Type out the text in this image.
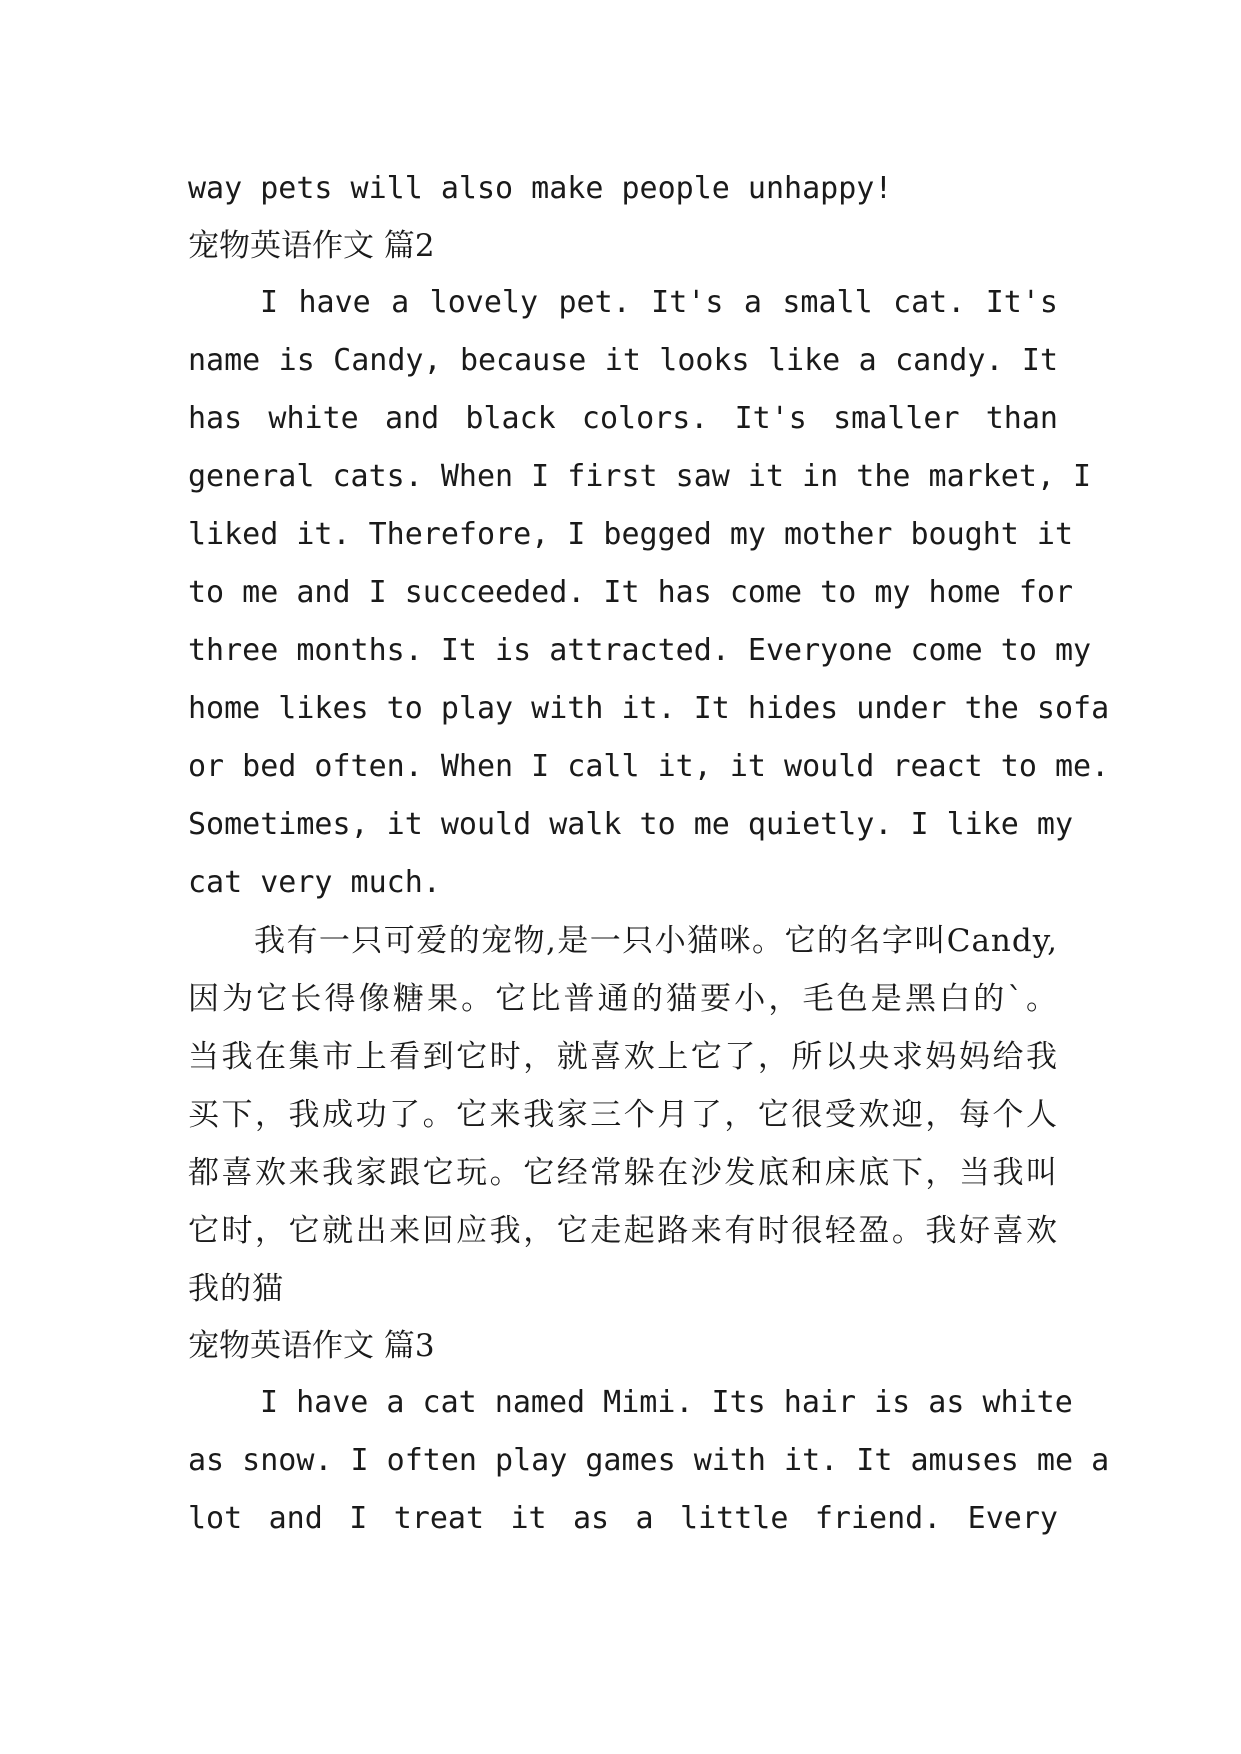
way pets will also make people unhappy!
宠物英语作文 篇2
I have a lovely pet. It's a small cat. It's
name is Candy, because it looks like a candy. It
has white and black colors. It's smaller than
general cats. When I first saw it in the market, I
liked it. Therefore, I begged my mother bought it
to me and I succeeded. It has come to my home for
three months. It is attracted. Everyone come to my
home likes to play with it. It hides under the sofa
or bed often. When I call it, it would react to me.
Sometimes, it would walk to me quietly. I like my
cat very much.
我有一只可爱的宠物,是一只小猫咪。它的名字叫Candy,
因为它长得像糖果。它比普通的猫要小，毛色是黑白的`。
当我在集市上看到它时，就喜欢上它了，所以央求妈妈给我
买下，我成功了。它来我家三个月了，它很受欢迎，每个人
都喜欢来我家跟它玩。它经常躲在沙发底和床底下，当我叫
它时，它就出来回应我，它走起路来有时很轻盈。我好喜欢
我的猫
宠物英语作文 篇3
I have a cat named Mimi. Its hair is as white
as snow. I often play games with it. It amuses me a
lot and I treat it as a little friend. Every
